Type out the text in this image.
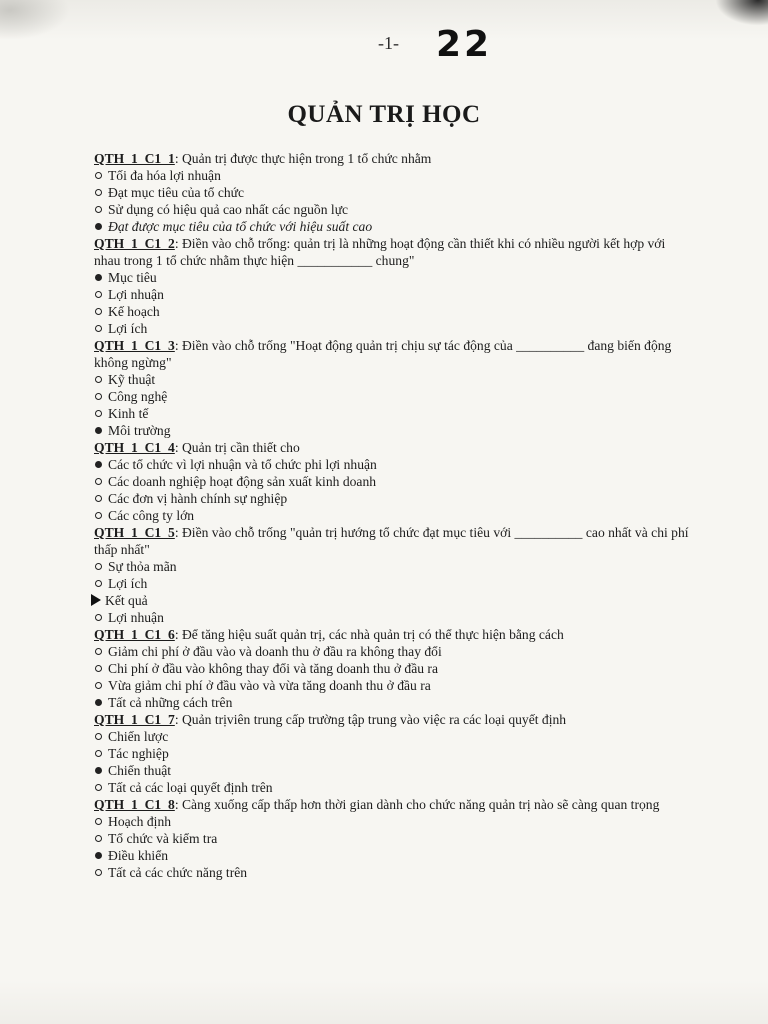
-1- 22
QUẢN TRỊ HỌC

QTH_1_C1_1: Quản trị được thực hiện trong 1 tổ chức nhằm

Tối đa hóa lợi nhuận

Đạt mục tiêu của tổ chức

Sử dụng có hiệu quả cao nhất các nguồn lực

Đạt được mục tiêu của tổ chức với hiệu suất cao

QTH_1_C1_2: Điền vào chỗ trống: quản trị là những hoạt động cần thiết khi có nhiều người kết hợp với nhau trong 1 tổ chức nhằm thực hiện ___________ chung"

Mục tiêu

Lợi nhuận

Kế hoạch

Lợi ích

QTH_1_C1_3: Điền vào chỗ trống "Hoạt động quản trị chịu sự tác động của __________ đang biến động không ngừng"

Kỹ thuật

Công nghệ

Kinh tế

Môi trường

QTH_1_C1_4: Quản trị cần thiết cho

Các tổ chức vì lợi nhuận và tổ chức phi lợi nhuận

Các doanh nghiệp hoạt động sản xuất kinh doanh

Các đơn vị hành chính sự nghiệp

Các công ty lớn

QTH_1_C1_5: Điền vào chỗ trống "quản trị hướng tổ chức đạt mục tiêu với __________ cao nhất và chi phí thấp nhất"

Sự thỏa mãn

Lợi ích

Kết quả

Lợi nhuận

QTH_1_C1_6: Để tăng hiệu suất quản trị, các nhà quản trị có thể thực hiện bằng cách

Giảm chi phí ở đầu vào và doanh thu ở đầu ra không thay đổi

Chi phí ở đầu vào không thay đổi và tăng doanh thu ở đầu ra

Vừa giảm chi phí ở đầu vào và vừa tăng doanh thu ở đầu ra

Tất cả những cách trên

QTH_1_C1_7: Quản trịviên trung cấp trường tập trung vào việc ra các loại quyết định

Chiến lược

Tác nghiệp

Chiến thuật

Tất cả các loại quyết định trên

QTH_1_C1_8: Càng xuống cấp thấp hơn thời gian dành cho chức năng quản trị nào sẽ càng quan trọng

Hoạch định

Tổ chức và kiểm tra

Điều khiển

Tất cả các chức năng trên
